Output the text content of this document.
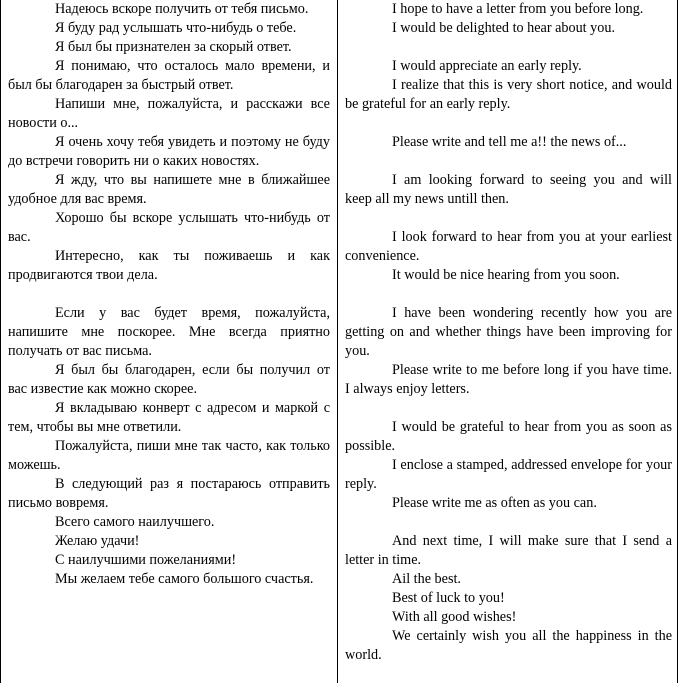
Надеюсь вскоре получить от тебя письмо.

Я буду рад услышать что-нибудь о тебе.

Я был бы признателен за скорый ответ.

Я понимаю, что осталось мало времени, и был бы благодарен за быстрый ответ.

Напиши мне, пожалуйста, и расскажи все новости о...

Я очень хочу тебя увидеть и поэтому не буду до встречи говорить ни о каких новостях.

Я жду, что вы напишете мне в ближайшее удобное для вас время.

Хорошо бы вскоре услышать что-нибудь от вас.

Интересно, как ты поживаешь и как продвигаются твои дела.

Если у вас будет время, пожалуйста, напишите мне поскорее. Мне всегда приятно получать от вас письма.

Я был бы благодарен, если бы получил от вас известие как можно скорее.

Я вкладываю конверт с адресом и маркой с тем, чтобы вы мне ответили.

Пожалуйста, пиши мне так часто, как только можешь.

В следующий раз я постараюсь отправить письмо вовремя.

Всего самого наилучшего.

Желаю удачи!

С наилучшими пожеланиями!

Мы желаем тебе самого большого счастья.

I hope to have a letter from you before long.

I would be delighted to hear about you.

I would appreciate an early reply.

I realize that this is very short notice, and would be grateful for an early reply.

Please write and tell me a!! the news of...

I am looking forward to seeing you and will keep all my news untill then.

I look forward to hear from you at your earliest convenience.

It would be nice hearing from you soon.

I have been wondering recently how you are getting on and whether things have been improving for you.

Please write to me before long if you have time. I always enjoy letters.

I would be grateful to hear from you as soon as possible.

I enclose a stamped, addressed envelope for your reply.

Please write me as often as you can.

And next time, I will make sure that I send a letter in time.

Ail the best.

Best of luck to you!

With all good wishes!

We certainly wish you all the happiness in the world.
